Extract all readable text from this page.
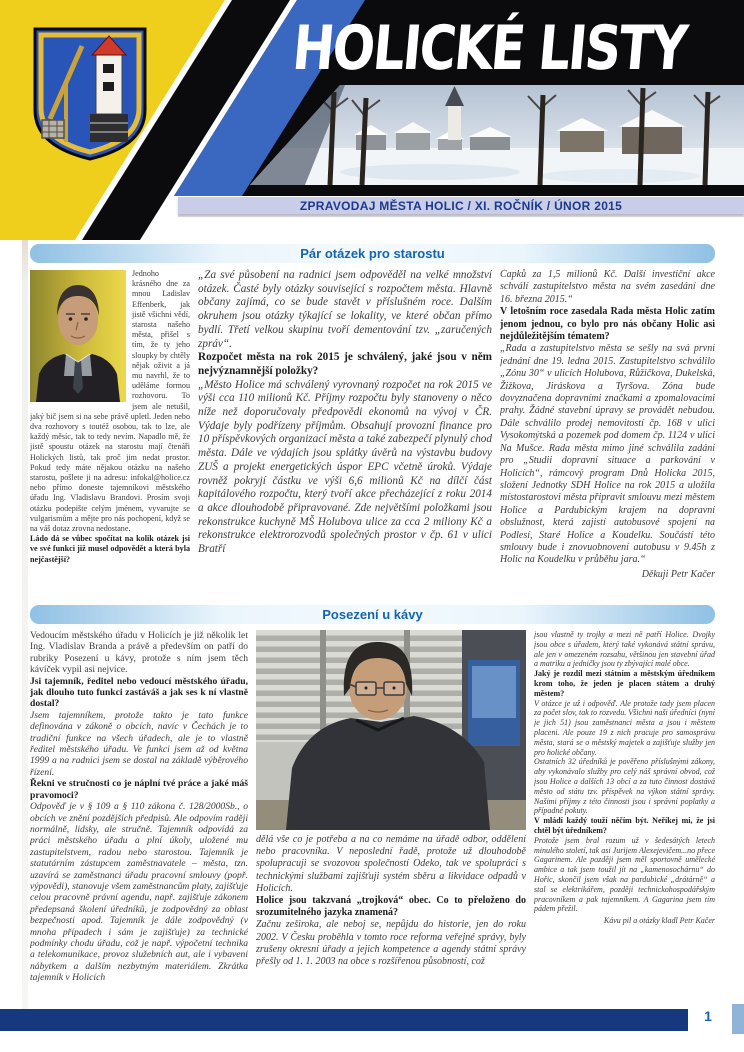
HOLICKÉ LISTY
ZPRAVODAJ MĚSTA HOLIC / XI. ROČNÍK / ÚNOR 2015
Pár otázek pro starostu

Jednoho krásného dne za mnou Ladislav Effenberk, jak jistě všichni vědí, starosta našeho města, přišel s tím, že ty jeho sloupky by chtěly nějak oživit a já mu navrhl, že to uděláme formou rozhovoru. To jsem ale netušil, jaký bič jsem si na sebe právě upletl. Jeden nebo dva rozhovory s toutéž osobou, tak to lze, ale každý měsíc, tak to tedy nevím. Napadlo mě, že jistě spoustu otázek na starostu mají čtenáři Holických listů, tak proč jim nedat prostor. Pokud tedy máte nějakou otázku na našeho starostu, pošlete ji na adresu: infokal@holice.cz nebo přímo doneste tajemníkovi městského úřadu Ing. Vladislavu Brandovi. Prosím svoji otázku podepište celým jménem, vyvarujte se vulgarismům a mějte pro nás pochopení, když se na váš dotaz zrovna nedostane.

Ládo dá se vůbec spočítat na kolik otázek jsi ve své funkci již musel odpovědět a která byla nejčastější?

„Za své působení na radnici jsem odpověděl na velké množství otázek. Časté byly otázky související s rozpočtem města. Hlavně občany zajímá, co se bude stavět v příslušném roce. Dalším okruhem jsou otázky týkající se lokality, ve které občan přímo bydlí. Třetí velkou skupinu tvoří dementování tzv. „zaručených zpráv“.

Rozpočet města na rok 2015 je schválený, jaké jsou v něm nejvýznamnější položky?

„Město Holice má schválený vyrovnaný rozpočet na rok 2015 ve výši cca 110 milionů Kč. Příjmy rozpočtu byly stanoveny o něco níže než doporučovaly předpovědi ekonomů na vývoj v ČR. Výdaje byly podřízeny příjmům. Obsahují provozní finance pro 10 příspěvkových organizací města a také zabezpečí plynulý chod města. Dále ve výdajích jsou splátky úvěrů na výstavbu budovy ZUŠ a projekt energetických úspor EPC včetně úroků. Výdaje rovněž pokryjí částku ve výši 6,6 milionů Kč na dílčí část kapitálového rozpočtu, který tvoří akce přecházející z roku 2014 a akce dlouhodobě připravované. Zde největšími položkami jsou rekonstrukce kuchyně MŠ Holubova ulice za cca 2 miliony Kč a rekonstrukce elektrorozvodů společných prostor v čp. 61 v ulici Bratří

Čapků za 1,5 milionů Kč. Další investiční akce schválí zastupitelstvo města na svém zasedání dne 16. března 2015.“

V letošním roce zasedala Rada města Holic zatím jenom jednou, co bylo pro nás občany Holic asi nejdůležitějším tématem?

„Rada a zastupitelstvo města se sešly na svá první jednání dne 19. ledna 2015. Zastupitelstvo schválilo „Zónu 30“ v ulicích Holubova, Růžičkova, Dukelská, Žižkova, Jiráskova a Tyršova. Zóna bude dovyznačena dopravními značkami a zpomalovacími prahy. Žádné stavební úpravy se provádět nebudou. Dále schválilo prodej nemovitostí čp. 168 v ulici Vysokomýtská a pozemek pod domem čp. 1124 v ulici Na Mušce. Rada města mimo jiné schválila zadání pro „Studii dopravní situace a parkování v Holicích“, rámcový program Dnů Holicka 2015, složení Jednotky SDH Holice na rok 2015 a uložila místostarostovi města připravit smlouvu mezi městem Holice a Pardubickým krajem na dopravní obslužnost, která zajistí autobusové spojení na Podlesí, Staré Holice a Koudelku. Součástí této smlouvy bude i znovuobnovení autobusu v 9.45h z Holic na Koudelku v průběhu jara.“

Děkuji Petr Kačer

Posezení u kávy

Vedoucím městského úřadu v Holicích je již několik let Ing. Vladislav Branda a právě a především on patří do rubriky Posezení u kávy, protože s ním jsem těch kávíček vypil asi nejvíce.

Jsi tajemník, ředitel nebo vedoucí městského úřadu, jak dlouho tuto funkci zastáváš a jak ses k ní vlastně dostal?

Jsem tajemníkem, protože takto je tato funkce definována v zákoně o obcích, navíc v Čechách je to tradiční funkce na všech úřadech, ale je to vlastně ředitel městského úřadu. Ve funkci jsem až od května 1999 a na radnici jsem se dostal na základě výběrového řízení.

Řekni ve stručnosti co je náplní tvé práce a jaké máš pravomoci?

Odpověď je v § 109 a § 110 zákona č. 128/2000Sb., o obcích ve znění pozdějších předpisů. Ale odpovím raději normálně, lidsky, ale stručně. Tajemník odpovídá za práci městského úřadu a plní úkoly, uložené mu zastupitelstvem, radou nebo starostou. Tajemník je statutárním zástupcem zaměstnavatele – města, tzn. uzavírá se zaměstnanci úřadu pracovní smlouvy (popř. výpovědi), stanovuje všem zaměstnancům platy, zajišťuje celou pracovně právní agendu, např. zajišťuje zákonem předepsaná školení úředníků, je zodpovědný za oblast bezpečnosti apod. Tajemník je dále zodpovědný (v mnoha případech i sám je zajišťuje) za technické podmínky chodu úřadu, což je např. výpočetní technika a telekomunikace, provoz služebních aut, ale i vybavení nábytkem a dalším nezbytným materiálem. Zkrátka tajemník v Holicích

dělá vše co je potřeba a na co nemáme na úřadě odbor, oddělení nebo pracovníka. V neposlední řadě, protože už dlouhodobě spolupracuji se svozovou společností Odeko, tak ve spolupráci s technickými službami zajišťuji systém sběru a likvidace odpadů v Holicích.

Holice jsou takzvaná „trojková“ obec. Co to přeloženo do srozumitelného jazyka znamená?

Začnu zeširoka, ale neboj se, nepůjdu do historie, jen do roku 2002. V Česku proběhla v tomto roce reforma veřejné správy, byly zrušeny okresní úřady a jejich kompetence a agendy státní správy přešly od 1. 1. 2003 na obce s rozšířenou působností, což

jsou vlastně ty trojky a mezi ně patří Holice. Dvojky jsou obce s úřadem, který také vykonává státní správu, ale jen v omezeném rozsahu, většinou jen stavební úřad a matriku a jedničky jsou ty zbývající malé obce.

Jaký je rozdíl mezi státním a městským úředníkem krom toho, že jeden je placen státem a druhý městem?

V otázce je už i odpověď. Ale protože tady jsem placen za počet slov, tak to rozvedu. Všichni naši úředníci (nyní je jich 51) jsou zaměstnanci města a jsou i městem placeni. Ale pouze 19 z nich pracuje pro samosprávu města, stará se o městský majetek a zajišťuje služby jen pro holické občany.

Ostatních 32 úředníků je pověřeno příslušnými zákony, aby vykonávalo služby pro celý náš správní obvod, což jsou Holice a dalších 13 obcí a za tuto činnost dostává město od státu tzv. příspěvek na výkon státní správy. Našimi příjmy z této činnosti jsou i správní poplatky a případné pokuty.

V mládí každý touží něčím být. Neříkej mi, že jsi chtěl být úředníkem?

Protože jsem bral rozum už v šedesátých letech minulého století, tak asi Jurijem Alexejevičem...no přece Gagarinem. Ale později jsem měl sportovně umělecké ambice a tak jsem toužil jít na „kamenosochárnu“ do Hořic, skončil jsem však na pardubické „drátárně“ a stal se elektrikářem, později technickohospodářským pracovníkem a pak tajemníkem. A Gagarina jsem tím pádem přežil.

Kávu pil a otázky kladl Petr Kačer

1
